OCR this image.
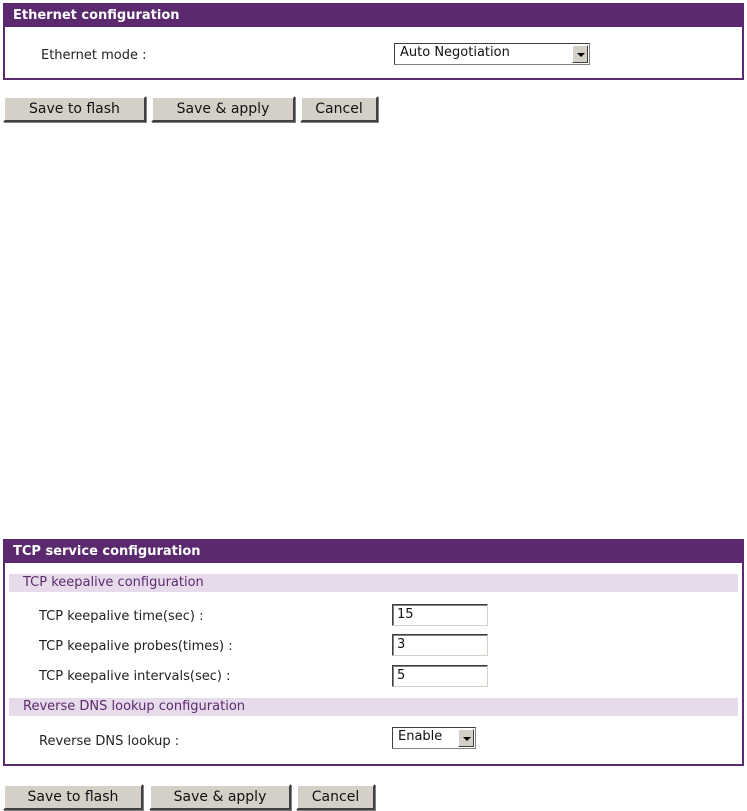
Ethernet configuration
Ethernet mode :	Auto Negotiation
Save to flash	Save & apply	Cancel
TCP service configuration
TCP keepalive configuration
TCP keepalive time(sec) :	15
TCP keepalive probes(times) :	3
TCP keepalive intervals(sec) :	5
Reverse DNS lookup configuration
Reverse DNS lookup :	Enable
Save to flash	Save & apply	Cancel
